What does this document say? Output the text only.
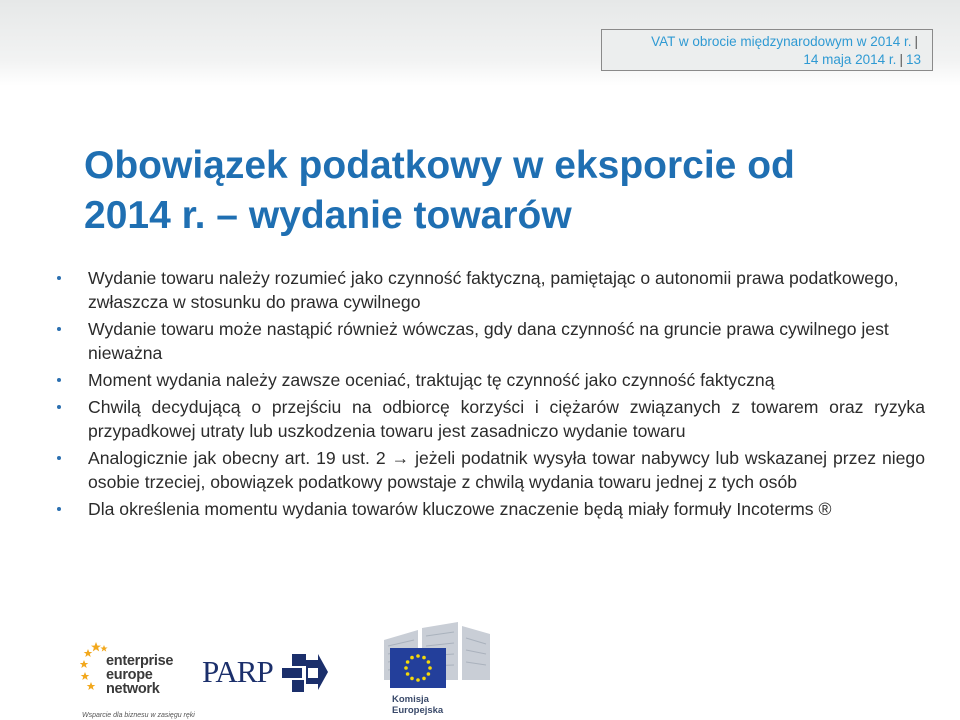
VAT w obrocie międzynarodowym w 2014 r. |
14 maja 2014 r. | 13
Obowiązek podatkowy w eksporcie od
2014 r. – wydanie towarów
Wydanie towaru należy rozumieć jako czynność faktyczną, pamiętając o autonomii prawa podatkowego, zwłaszcza w stosunku do prawa cywilnego
Wydanie towaru może nastąpić również wówczas, gdy dana czynność na gruncie prawa cywilnego jest nieważna
Moment wydania należy zawsze oceniać, traktując tę czynność jako czynność faktyczną
Chwilą decydującą o przejściu na odbiorcę korzyści i ciężarów związanych z towarem oraz ryzyka przypadkowej utraty lub uszkodzenia towaru jest zasadniczo wydanie towaru
Analogicznie jak obecny art. 19 ust. 2 → jeżeli podatnik wysyła towar nabywcy lub wskazanej przez niego osobie trzeciej, obowiązek podatkowy powstaje z chwilą wydania towaru jednej z tych osób
Dla określenia momentu wydania towarów kluczowe znaczenie będą miały formuły Incoterms ®
enterprise
europe
network
Wsparcie dla biznesu w zasięgu ręki
PARP
Komisja
Europejska
